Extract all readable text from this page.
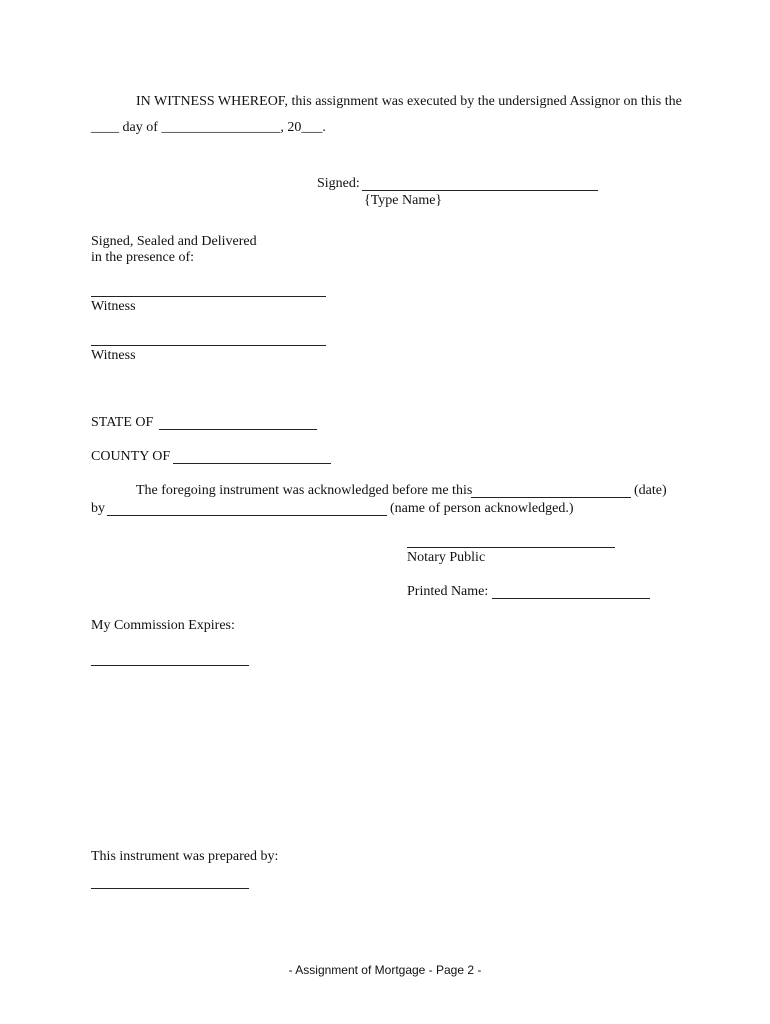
IN WITNESS WHEREOF, this assignment was executed by the undersigned Assignor on this the
____ day of _________________, 20___.
Signed:
{Type Name}
Signed, Sealed and Delivered
in the presence of:
Witness
Witness
STATE OF
COUNTY OF
The foregoing instrument was acknowledged before me this	(date)
by	(name of person acknowledged.)
Notary Public
Printed Name:
My Commission Expires:
This instrument was prepared by:
- Assignment of Mortgage - Page 2 -
